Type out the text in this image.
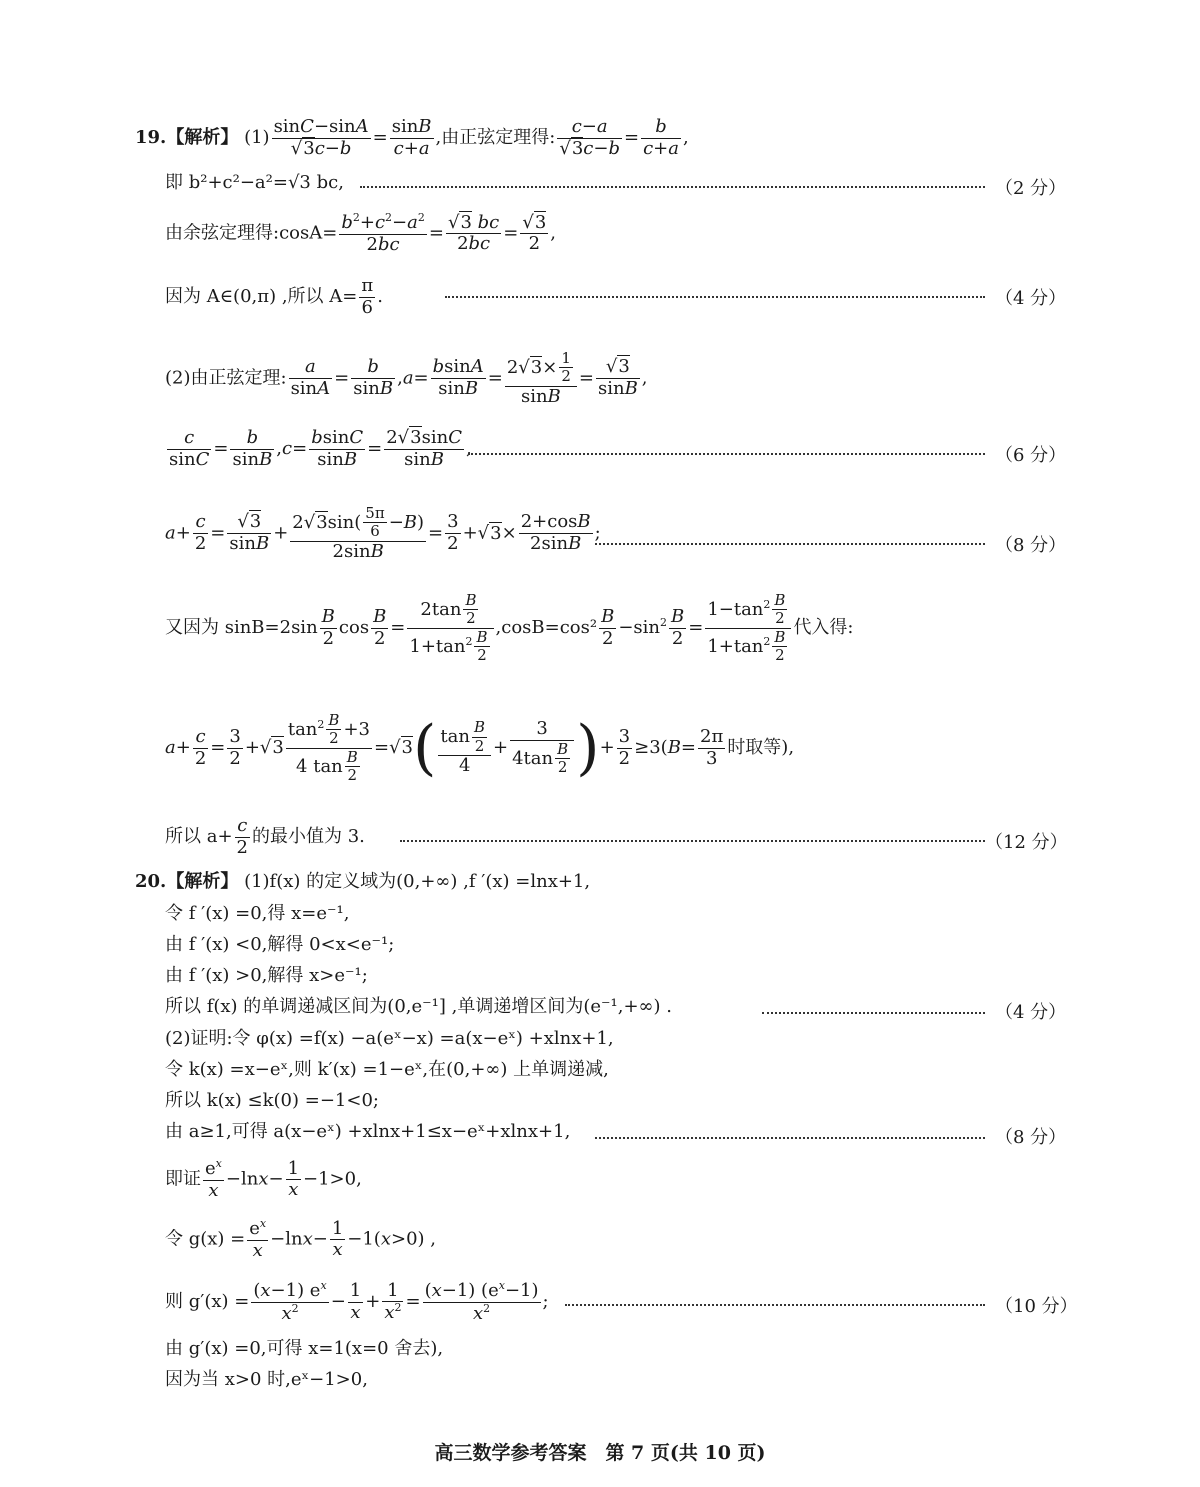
19.【解析】 $(1) \frac{\sin C-\sin A}{√3c-b} = \frac{\sin B}{c+a}$ ,由正弦定理得: $\frac{c-a}{√3c-b} = \frac{b}{c+a}$ ,
即 b²+c²−a²=√3 bc,	（2 分）
由余弦定理得:cosA= $\frac{b^2+c^2-a^2}{2bc} = \frac{√3 bc}{2bc} = \frac{√3}{2}$ ,
因为 A∈(0,π) ,所以 $A= \frac{\pi}{6}$ .	（4 分）
(2)由正弦定理: $\frac{a}{\sin A} = \frac{b}{\sin B} ,a= \frac{bsinA}{\sin B} = \frac{2√3\times \frac{1}{2}}{\sin B} = \frac{√3}{\sin B}$ ,
$\frac{c}{\sin C} = \frac{b}{\sin B} ,c= \frac{bsinC}{\sin B} = \frac{2√3\sin C}{\sin B}$ ,	（6 分）
$a+ \frac{c}{2} = \frac{√3}{\sin B} + \frac{2√3\sin( \frac{5\pi}{6} -B)}{2\sin B} = \frac{3}{2} +√3\times \frac{2+\cos B}{2\sin B}$ ;
（8 分）
又因为 $\sin B=2\sin \frac{B}{2}$ $\cos \frac{B}{2} = \frac{2\tan \frac{B}{2}}{1+\tan^2 \frac{B}{2}} ,\cos B=\cos^2 \frac{B}{2} -\sin^2 \frac{B}{2} = \frac{1-\tan^2 \frac{B}{2}}{1+\tan^2 \frac{B}{2}}$ 代入得:
$a+ \frac{c}{2} = \frac{3}{2} +√3 \frac{\tan^2 \frac{B}{2} +3}{4 \tan \frac{B}{2}} =√3( \frac{\tan \frac{B}{2}}{4} + \frac{3}{4\tan \frac{B}{2}}$ )+ $\frac{3}{2} \ge 3(B= \frac{2\pi}{3}$ 时取等),
所以 $a+ \frac{c}{2}$ 的最小值为 3.	（12 分）
20.【解析】 (1)f(x) 的定义域为(0,+∞) ,f ′(x) =lnx+1,
令 f ′(x) =0,得 x=e⁻¹,
由 f ′(x) <0,解得 0<x<e⁻¹;
由 f ′(x) >0,解得 x>e⁻¹;
所以 f(x) 的单调递减区间为(0,e⁻¹] ,单调递增区间为(e⁻¹,+∞) .	（4 分）
(2)证明:令 φ(x) =f(x) −a(eˣ−x) =a(x−eˣ) +xlnx+1,
令 k(x) =x−eˣ,则 k′(x) =1−eˣ,在(0,+∞) 上单调递减,
所以 k(x) ≤k(0) =−1<0;
由 a≥1,可得 a(x−eˣ) +xlnx+1≤x−eˣ+xlnx+1,	（8 分）
即证 $\frac{e^x}{x} -\ln x- \frac{1}{x} -1>0$,
令 $g(x) = \frac{e^x}{x} -\ln x- \frac{1}{x} -1(x>0)$ ,
则 $g'(x) = \frac{(x-1) e^x}{x^2} - \frac{1}{x} + \frac{1}{x^2} = \frac{(x-1) (e^x-1)}{x^2}$ ;	（10 分）
由 g′(x) =0,可得 x=1(x=0 舍去),
因为当 x>0 时,eˣ−1>0,
高三数学参考答案　第 7 页(共 10 页)
